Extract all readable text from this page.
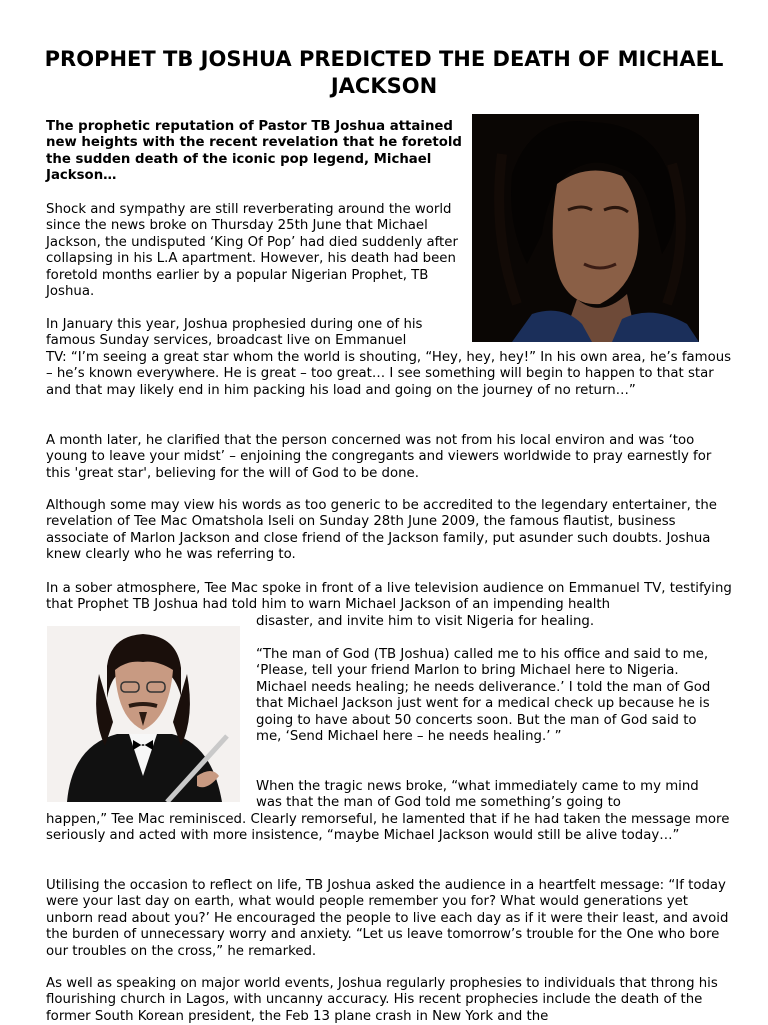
PROPHET TB JOSHUA PREDICTED THE DEATH OF MICHAEL JACKSON

The prophetic reputation of Pastor TB Joshua attained new heights with the recent revelation that he foretold the sudden death of the iconic pop legend, Michael Jackson…

Shock and sympathy are still reverberating around the world since the news broke on Thursday 25th June that Michael Jackson, the undisputed ‘King Of Pop’ had died suddenly after collapsing in his L.A apartment. However, his death had been foretold months earlier by a popular Nigerian Prophet, TB Joshua.

In January this year, Joshua prophesied during one of his famous Sunday services, broadcast live on Emmanuel

TV: “I’m seeing a great star whom the world is shouting, “Hey, hey, hey!” In his own area, he’s famous – he’s known everywhere. He is great – too great… I see something will begin to happen to that star and that may likely end in him packing his load and going on the journey of no return…”

A month later, he clarified that the person concerned was not from his local environ and was ‘too young to leave your midst’ – enjoining the congregants and viewers worldwide to pray earnestly for this 'great star', believing for the will of God to be done.

Although some may view his words as too generic to be accredited to the legendary entertainer, the revelation of Tee Mac Omatshola Iseli on Sunday 28th June 2009, the famous flautist, business associate of Marlon Jackson and close friend of the Jackson family, put asunder such doubts. Joshua knew clearly who he was referring to.

In a sober atmosphere, Tee Mac spoke in front of a live television audience on Emmanuel TV, testifying that Prophet TB Joshua had told him to warn Michael Jackson of an impending health

disaster, and invite him to visit Nigeria for healing.

“The man of God (TB Joshua) called me to his office and said to me, ‘Please, tell your friend Marlon to bring Michael here to Nigeria. Michael needs healing; he needs deliverance.’ I told the man of God that Michael Jackson just went for a medical check up because he is going to have about 50 concerts soon. But the man of God said to me, ‘Send Michael here – he needs healing.’ ”

When the tragic news broke, “what immediately came to my mind was that the man of God told me something’s going to

happen,” Tee Mac reminisced. Clearly remorseful, he lamented that if he had taken the message more seriously and acted with more insistence, “maybe Michael Jackson would still be alive today…”

Utilising the occasion to reflect on life, TB Joshua asked the audience in a heartfelt message: “If today were your last day on earth, what would people remember you for? What would generations yet unborn read about you?’ He encouraged the people to live each day as if it were their least, and avoid the burden of unnecessary worry and anxiety. “Let us leave tomorrow’s trouble for the One who bore our troubles on the cross,” he remarked.

As well as speaking on major world events, Joshua regularly prophesies to individuals that throng his flourishing church in Lagos, with uncanny accuracy. His recent prophecies include the death of the former South Korean president, the Feb 13 plane crash in New York and the
